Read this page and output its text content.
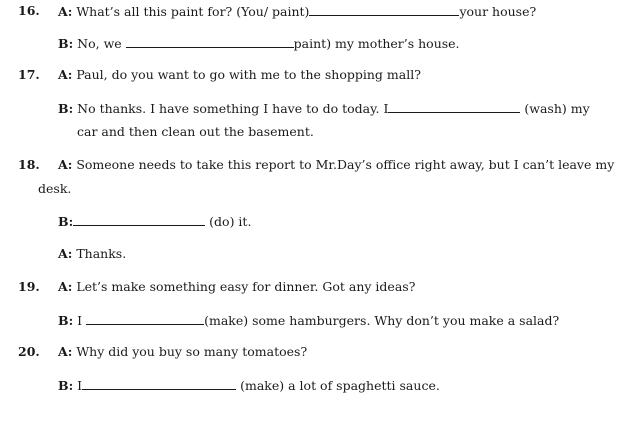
16. A: What’s all this paint for? (You/ paint)	your house?
B: No, we	paint) my mother’s house.
17. A: Paul, do you want to go with me to the shopping mall?
B: No thanks. I have something I have to do today. I	(wash) my
car and then clean out the basement.
18. A: Someone needs to take this report to Mr.Day’s office right away, but I can’t leave my
desk.
B:	(do) it.
A: Thanks.
19. A: Let’s make something easy for dinner. Got any ideas?
B: I	(make) some hamburgers. Why don’t you make a salad?
20. A: Why did you buy so many tomatoes?
B: I	(make) a lot of spaghetti sauce.
